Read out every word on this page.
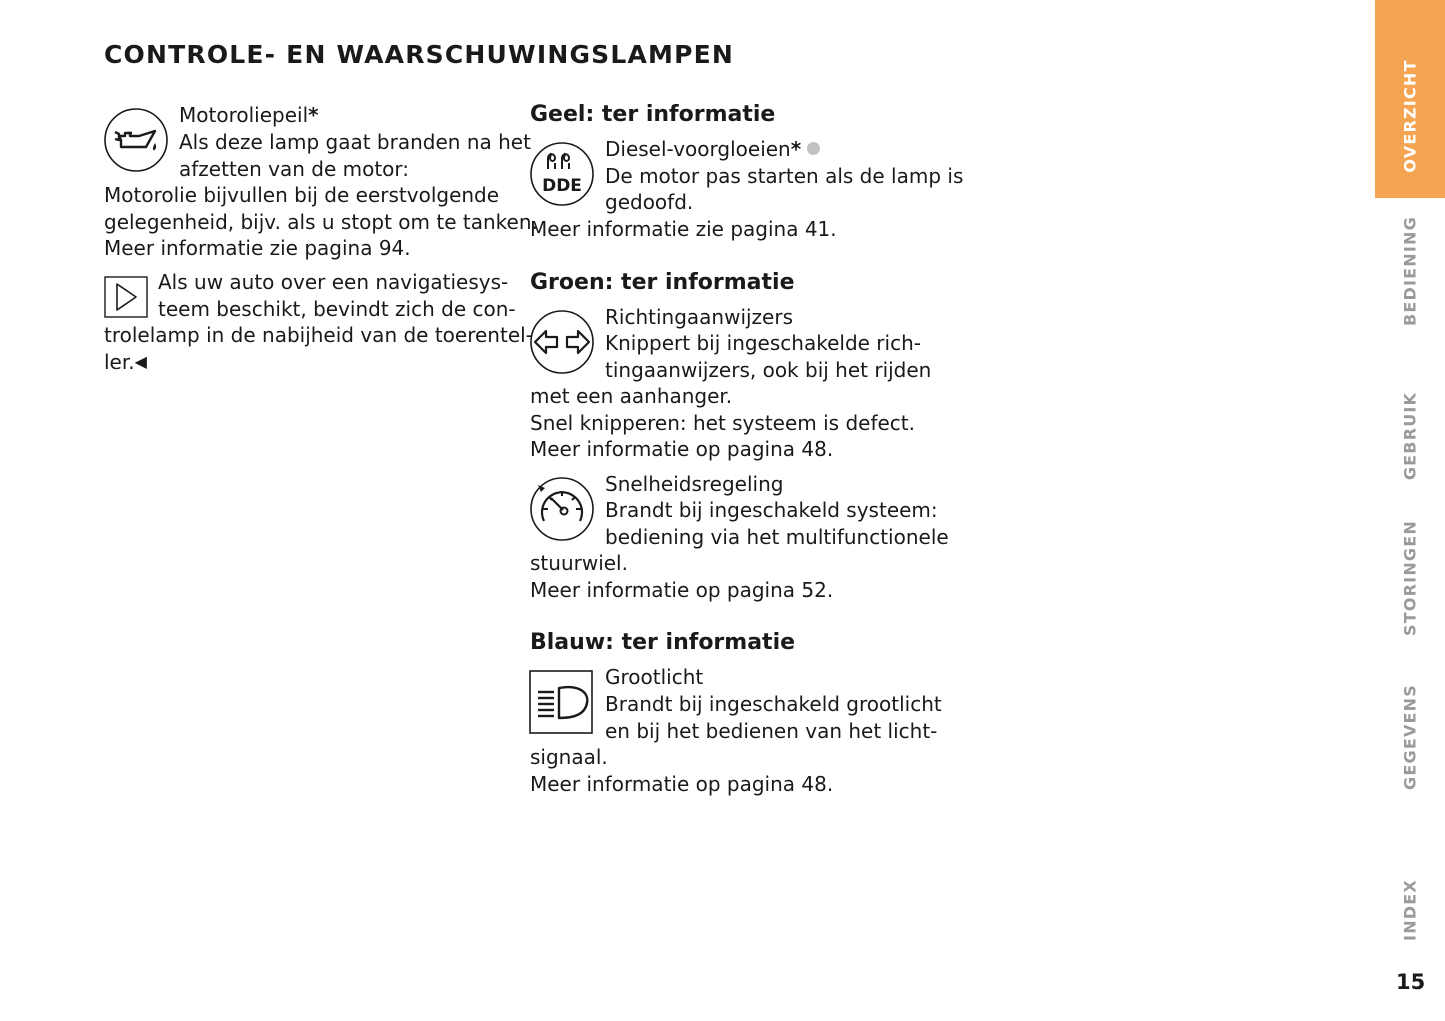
CONTROLE- EN WAARSCHUWINGSLAMPEN
Motoroliepeil*
Als deze lamp gaat branden na het
afzetten van de motor:
Motorolie bijvullen bij de eerstvolgende
gelegenheid, bijv. als u stopt om te tanken.
Meer informatie zie pagina 94.
Als uw auto over een navigatiesys-
teem beschikt, bevindt zich de con-
trolelamp in de nabijheid van de toerentel-
ler.◀
Geel: ter informatie
DDE
Diesel-voorgloeien*
De motor pas starten als de lamp is
gedoofd.
Meer informatie zie pagina 41.
Groen: ter informatie
Richtingaanwijzers
Knippert bij ingeschakelde rich-
tingaanwijzers, ook bij het rijden
met een aanhanger.
Snel knipperen: het systeem is defect.
Meer informatie op pagina 48.
Snelheidsregeling
Brandt bij ingeschakeld systeem:
bediening via het multifunctionele
stuurwiel.
Meer informatie op pagina 52.
Blauw: ter informatie
Grootlicht
Brandt bij ingeschakeld grootlicht
en bij het bedienen van het licht-
signaal.
Meer informatie op pagina 48.
OVERZICHT
BEDIENING
GEBRUIK
STORINGEN
GEGEVENS
INDEX
15
